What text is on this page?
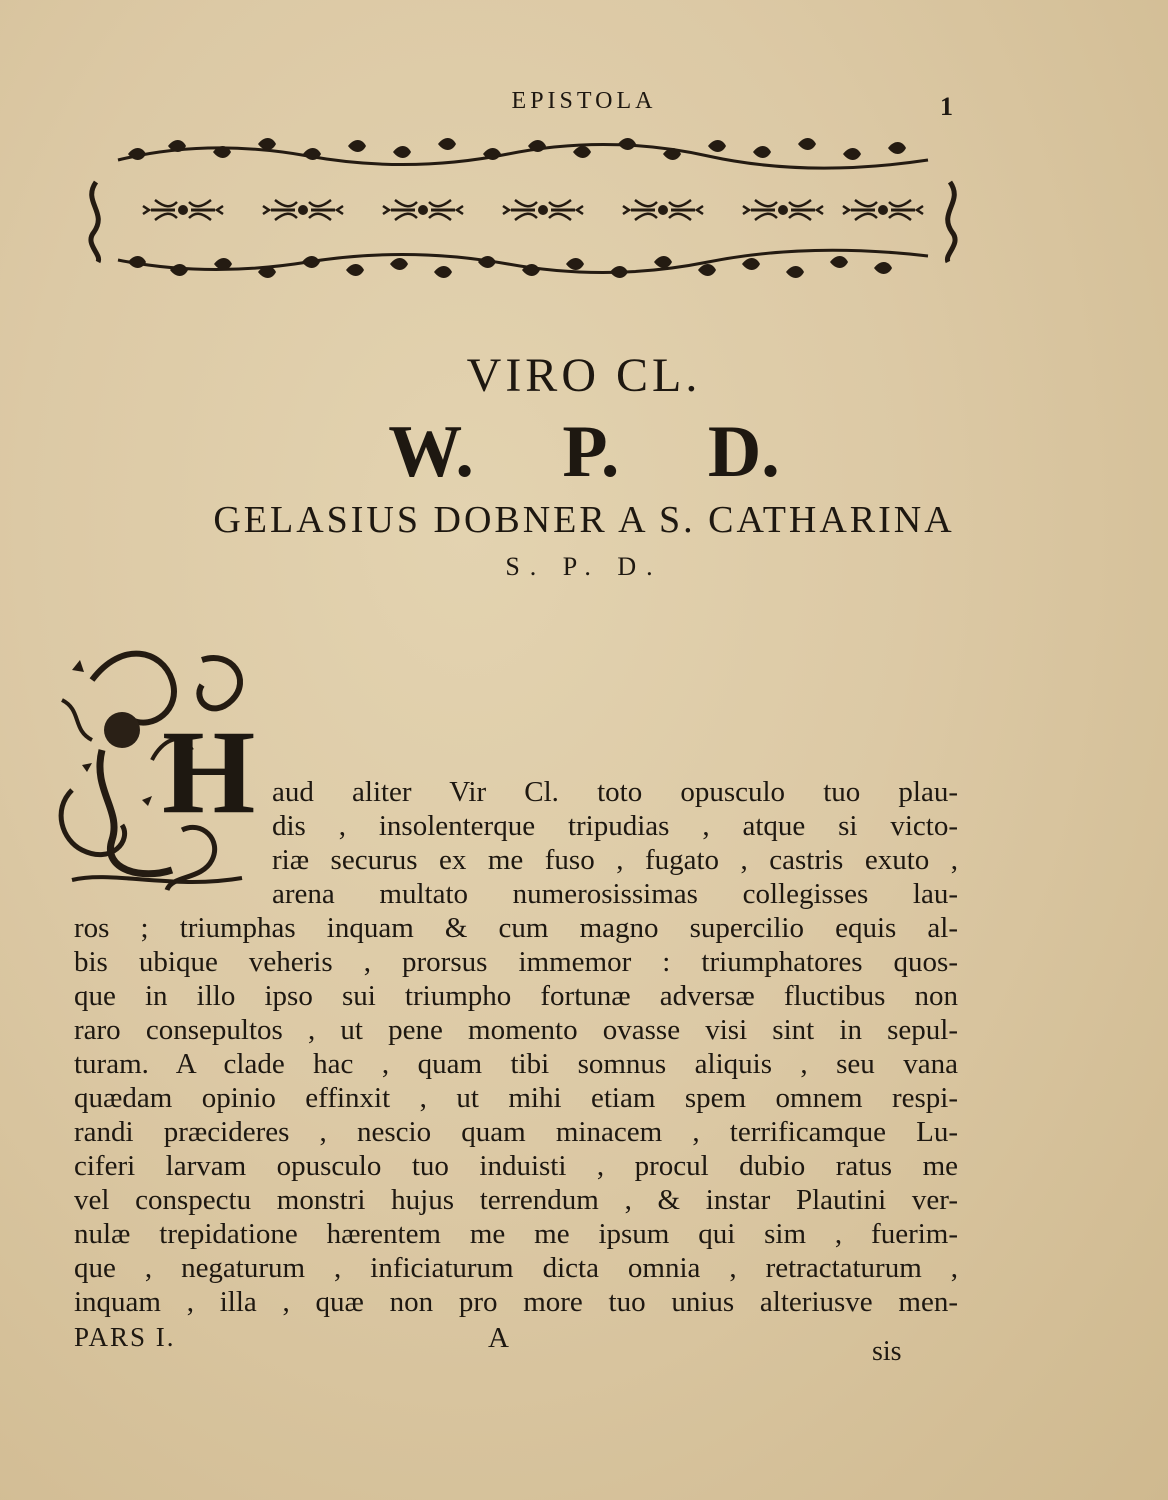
EPISTOLA	1
VIRO CL.
W. P. D.
GELASIUS DOBNER A S. CATHARINA
S. P. D.
H aud aliter Vir Cl. toto opusculo tuo plau-
dis , insolenterque tripudias , atque si victo-
riæ securus ex me fuso , fugato , castris exuto ,
arena multato numerosissimas collegisses lau-
ros ; triumphas inquam & cum magno supercilio equis al-
bis ubique veheris , prorsus immemor : triumphatores quos-
que in illo ipso sui triumpho fortunæ adversæ fluctibus non
raro consepultos , ut pene momento ovasse visi sint in sepul-
turam. A clade hac , quam tibi somnus aliquis , seu vana
quædam opinio effinxit , ut mihi etiam spem omnem respi-
randi præcideres , nescio quam minacem , terrificamque Lu-
ciferi larvam opusculo tuo induisti , procul dubio ratus me
vel conspectu monstri hujus terrendum , & instar Plautini ver-
nulæ trepidatione hærentem me me ipsum qui sim , fuerim-
que , negaturum , inficiaturum dicta omnia , retractaturum ,
inquam , illa , quæ non pro more tuo unius alteriusve men-
PARS I.	A	sis
